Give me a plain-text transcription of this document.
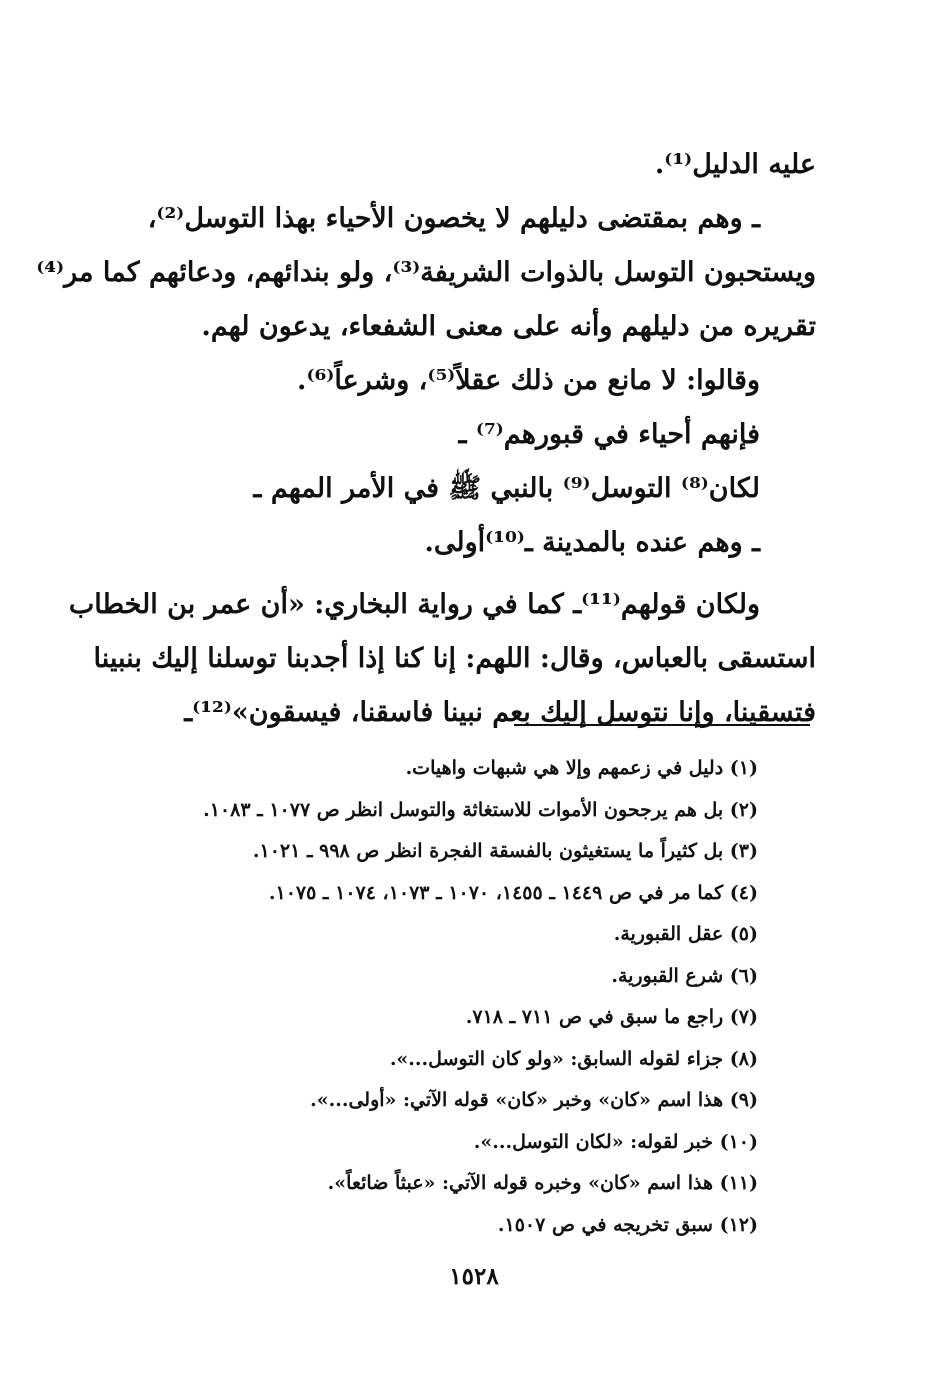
عليه الدليل⁽¹⁾.

ـ وهم بمقتضى دليلهم لا يخصون الأحياء بهذا التوسل⁽²⁾،

ويستحبون التوسل بالذوات الشريفة⁽³⁾، ولو بندائهم، ودعائهم كما مر⁽⁴⁾

تقريره من دليلهم وأنه على معنى الشفعاء، يدعون لهم.

وقالوا: لا مانع من ذلك عقلاً⁽⁵⁾، وشرعاً⁽⁶⁾.

فإنهم أحياء في قبورهم⁽⁷⁾ ـ

لكان⁽⁸⁾ التوسل⁽⁹⁾ بالنبي ﷺ في الأمر المهم ـ

ـ وهم عنده بالمدينة ـ⁽¹⁰⁾أولى.

ولكان قولهم⁽¹¹⁾ـ كما في رواية البخاري: «أن عمر بن الخطاب

استسقى بالعباس، وقال: اللهم: إنا كنا إذا أجدبنا توسلنا إليك بنبينا

فتسقينا، وإنا نتوسل إليك بعم نبينا فاسقنا، فيسقون»⁽¹²⁾ـ

(١) دليل في زعمهم وإلا هي شبهات واهيات.

(٢) بل هم يرجحون الأموات للاستغاثة والتوسل انظر ص ١٠٧٧ ـ ١٠٨٣.

(٣) بل كثيراً ما يستغيثون بالفسقة الفجرة انظر ص ٩٩٨ ـ ١٠٢١.

(٤) كما مر في ص ١٤٤٩ ـ ١٤٥٥، ١٠٧٠ ـ ١٠٧٣، ١٠٧٤ ـ ١٠٧٥.

(٥) عقل القبورية.

(٦) شرع القبورية.

(٧) راجع ما سبق في ص ٧١١ ـ ٧١٨.

(٨) جزاء لقوله السابق: «ولو كان التوسل...».

(٩) هذا اسم «كان» وخبر «كان» قوله الآتي: «أولى...».

(١٠) خبر لقوله: «لكان التوسل...».

(١١) هذا اسم «كان» وخبره قوله الآتي: «عبثاً ضائعاً».

(١٢) سبق تخريجه في ص ١٥٠٧.

١٥٢٨
